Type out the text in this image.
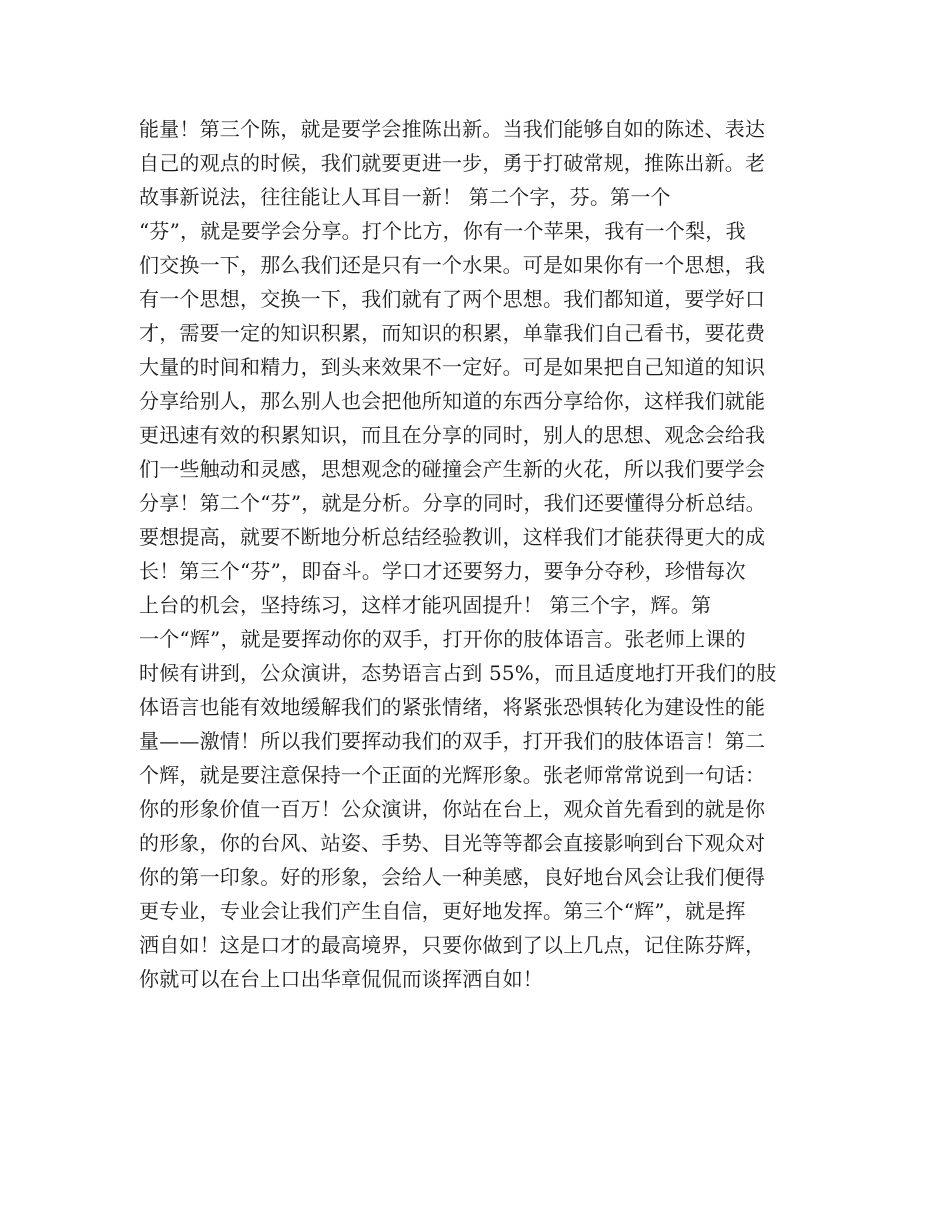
能量！第三个陈，就是要学会推陈出新。当我们能够自如的陈述、表达
自己的观点的时候，我们就要更进一步，勇于打破常规，推陈出新。老
故事新说法，往往能让人耳目一新！ 第二个字，芬。第一个
“芬”，就是要学会分享。打个比方，你有一个苹果，我有一个梨，我
们交换一下，那么我们还是只有一个水果。可是如果你有一个思想，我
有一个思想，交换一下，我们就有了两个思想。我们都知道，要学好口
才，需要一定的知识积累，而知识的积累，单靠我们自己看书，要花费
大量的时间和精力，到头来效果不一定好。可是如果把自己知道的知识
分享给别人，那么别人也会把他所知道的东西分享给你，这样我们就能
更迅速有效的积累知识，而且在分享的同时，别人的思想、观念会给我
们一些触动和灵感，思想观念的碰撞会产生新的火花，所以我们要学会
分享！第二个“芬”，就是分析。分享的同时，我们还要懂得分析总结。
要想提高，就要不断地分析总结经验教训，这样我们才能获得更大的成
长！第三个“芬”，即奋斗。学口才还要努力，要争分夺秒，珍惜每次
上台的机会，坚持练习，这样才能巩固提升！ 第三个字，辉。第
一个“辉”，就是要挥动你的双手，打开你的肢体语言。张老师上课的
时候有讲到，公众演讲，态势语言占到 55%，而且适度地打开我们的肢
体语言也能有效地缓解我们的紧张情绪，将紧张恐惧转化为建设性的能
量——激情！所以我们要挥动我们的双手，打开我们的肢体语言！第二
个辉，就是要注意保持一个正面的光辉形象。张老师常常说到一句话：
你的形象价值一百万！公众演讲，你站在台上，观众首先看到的就是你
的形象，你的台风、站姿、手势、目光等等都会直接影响到台下观众对
你的第一印象。好的形象，会给人一种美感，良好地台风会让我们便得
更专业，专业会让我们产生自信，更好地发挥。第三个“辉”，就是挥
洒自如！这是口才的最高境界，只要你做到了以上几点，记住陈芬辉，
你就可以在台上口出华章侃侃而谈挥洒自如！
